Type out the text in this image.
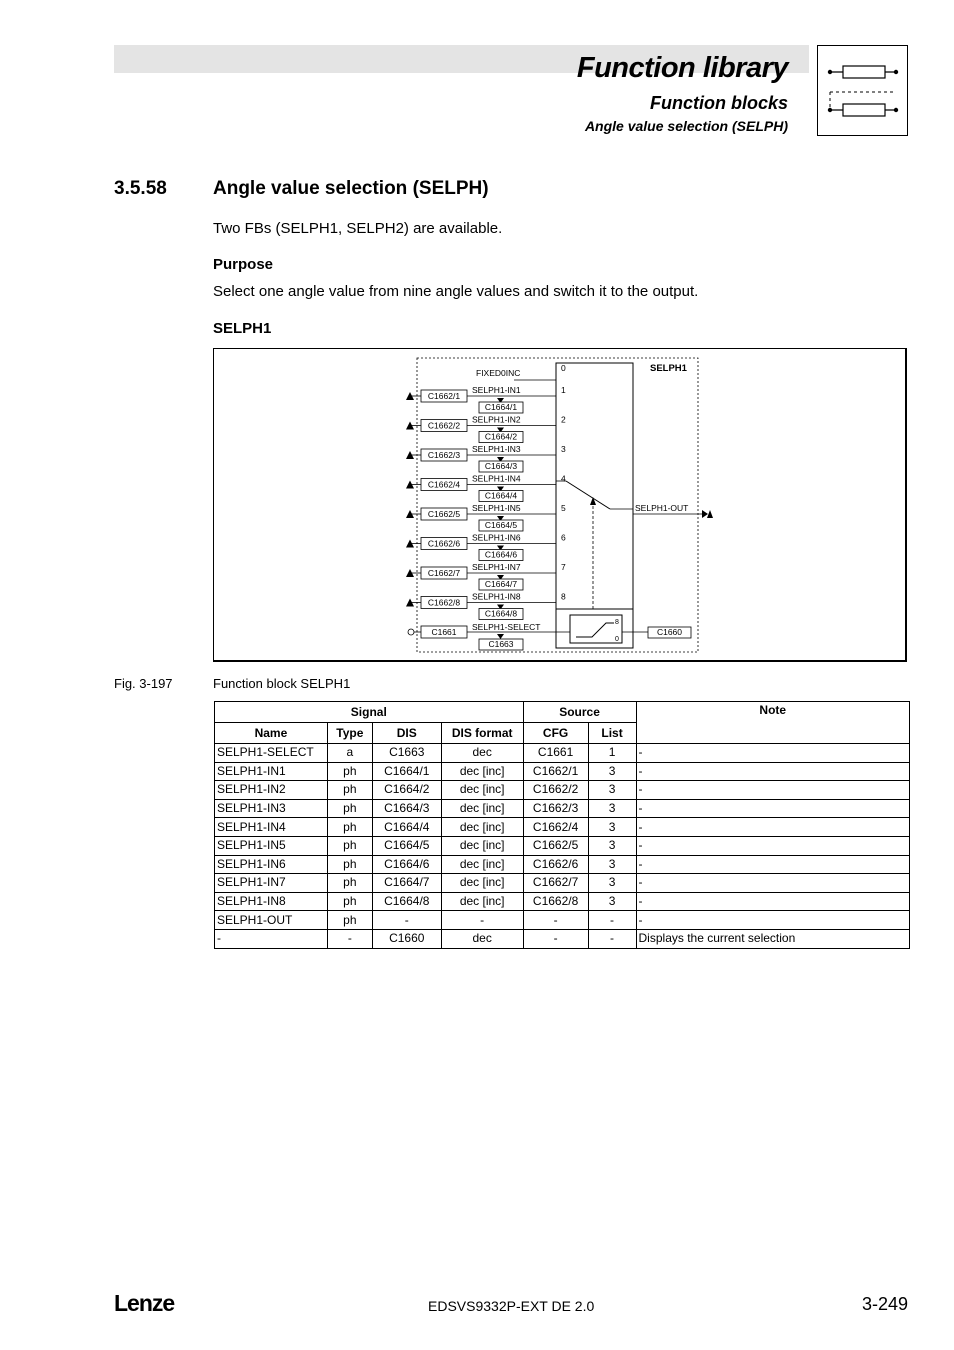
Function library
Function blocks
Angle value selection (SELPH)
3.5.58 Angle value selection (SELPH)
Two FBs (SELPH1, SELPH2) are available.
Purpose
Select one angle value from nine angle values and switch it to the output.
SELPH1
SELPH1
FIXED0INC	0
C1662/1
SELPH1-IN1
C1664/1
1
C1662/2
SELPH1-IN2
C1664/2
2
C1662/3
SELPH1-IN3
C1664/3
3
C1662/4
SELPH1-IN4
C1664/4
4
C1662/5
SELPH1-IN5
C1664/5
5
C1662/6
SELPH1-IN6
C1664/6
6
C1662/7
SELPH1-IN7
C1664/7
7
C1662/8
SELPH1-IN8
C1664/8
8
C1661 SELPH1-SELECT
C1663
8
0
C1660
SELPH1-OUT
Fig. 3-197	Function block SELPH1
Signal				Source		Note
Name	Type	DIS	DIS format	CFG	List	
SELPH1-SELECT	a	C1663	dec	C1661	1	-
SELPH1-IN1	ph	C1664/1	dec [inc]	C1662/1	3	-
SELPH1-IN2	ph	C1664/2	dec [inc]	C1662/2	3	-
SELPH1-IN3	ph	C1664/3	dec [inc]	C1662/3	3	-
SELPH1-IN4	ph	C1664/4	dec [inc]	C1662/4	3	-
SELPH1-IN5	ph	C1664/5	dec [inc]	C1662/5	3	-
SELPH1-IN6	ph	C1664/6	dec [inc]	C1662/6	3	-
SELPH1-IN7	ph	C1664/7	dec [inc]	C1662/7	3	-
SELPH1-IN8	ph	C1664/8	dec [inc]	C1662/8	3	-
SELPH1-OUT	ph	-	-	-	-	-
-	-	C1660	dec	-	-	Displays the current selection
Lenze	EDSVS9332P-EXT DE 2.0	3-249
